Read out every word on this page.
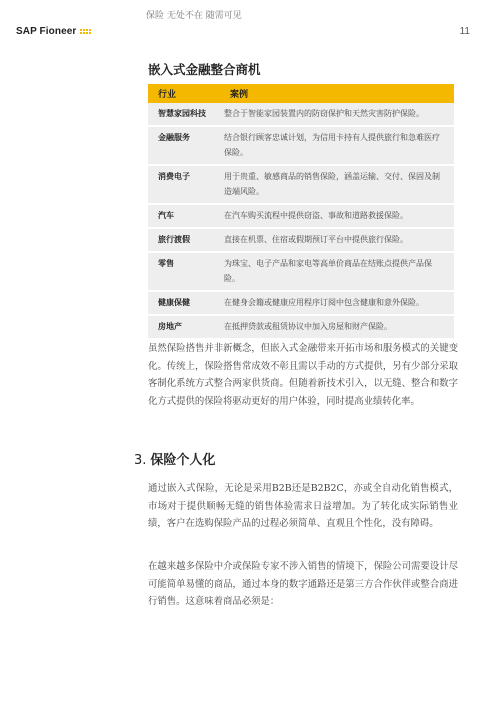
SAP Fioneer
保险 无处不在 随需可见
11
嵌入式金融整合商机
行业	案例
智慧家园科技	整合于智能家园装置内的防窃保护和天然灾害防护保险。
金融服务	结合银行顾客忠诚计划，为信用卡持有人提供旅行和急难医疗保险。
消费电子	用于贵重、敏感商品的销售保险，涵盖运输、交付、保固及制造端风险。
汽车	在汽车购买流程中提供窃盗、事故和道路救援保险。
旅行渡假	直接在机票、住宿或假期预订平台中提供旅行保险。
零售	为珠宝、电子产品和家电等高单价商品在结账点提供产品保险。
健康保健	在健身会籍或健康应用程序订阅中包含健康和意外保险。
房地产	在抵押贷款或租赁协议中加入房屋和财产保险。
虽然保险搭售并非新概念，但嵌入式金融带来开拓市场和服务模式的关键变化。传统上，保险搭售常成效不彰且需以手动的方式提供，另有少部分采取客制化系统方式整合两家供货商。但随着新技术引入，以无缝、整合和数字化方式提供的保险将驱动更好的用户体验，同时提高业绩转化率。
3. 保险个人化
通过嵌入式保险，无论是采用B2B还是B2B2C，亦或全自动化销售模式，市场对于提供顺畅无缝的销售体验需求日益增加。为了转化成实际销售业绩，客户在选购保险产品的过程必须简单、直观且个性化，没有障碍。
在越来越多保险中介或保险专家不涉入销售的情境下，保险公司需要设计尽可能简单易懂的商品，通过本身的数字通路还是第三方合作伙伴或整合商进行销售。这意味着商品必须是：
